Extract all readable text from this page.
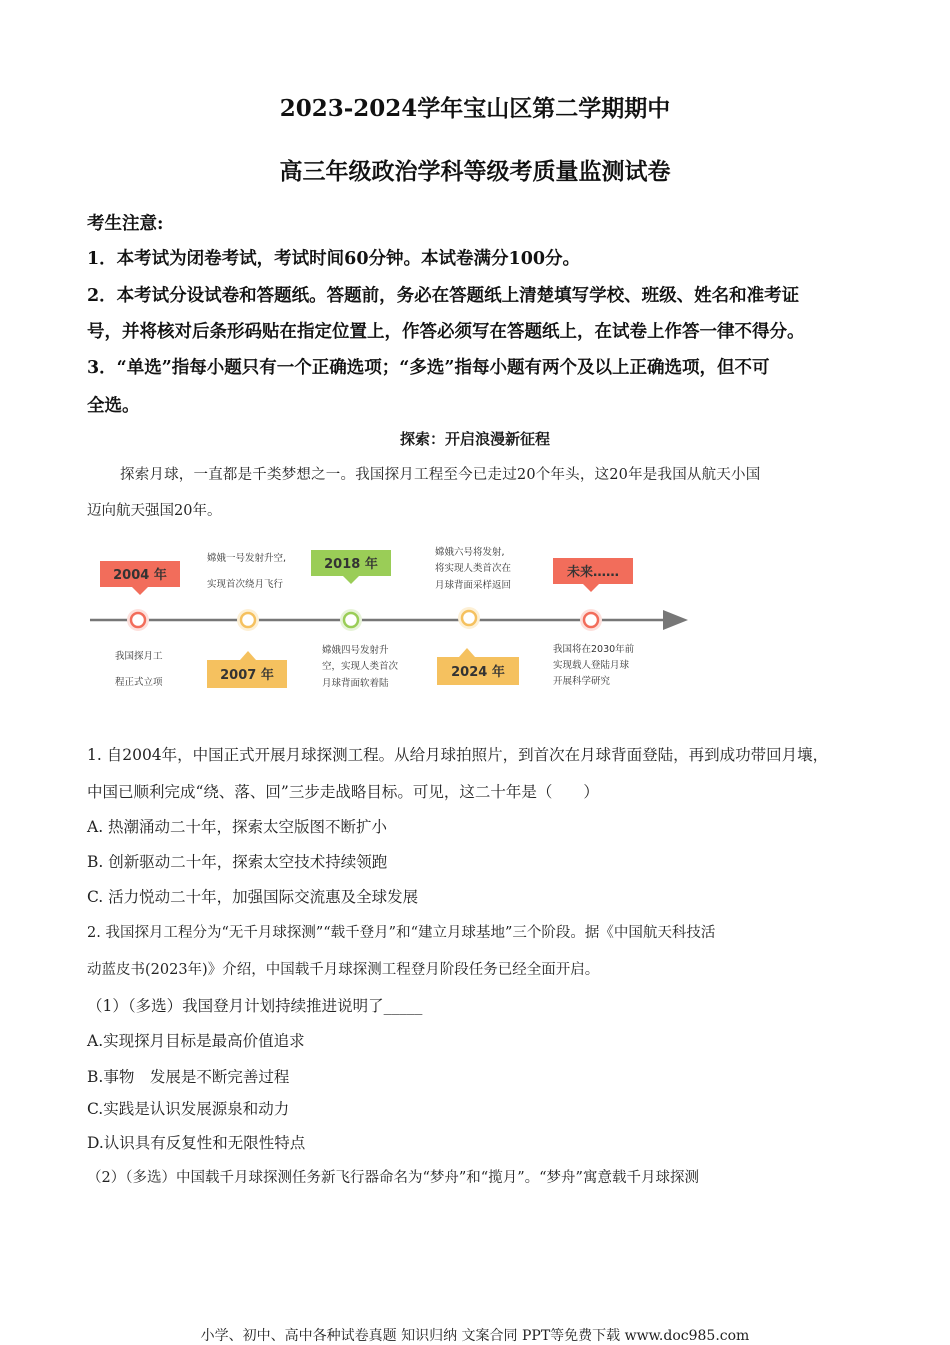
2023-2024学年宝山区第二学期期中
高三年级政治学科等级考质量监测试卷
考生注意:
1．本考试为闭卷考试，考试时间60分钟。本试卷满分100分。
2．本考试分设试卷和答题纸。答题前，务必在答题纸上清楚填写学校、班级、姓名和准考证
号，并将核对后条形码贴在指定位置上，作答必须写在答题纸上，在试卷上作答一律不得分。
3．“单选”指每小题只有一个正确选项；“多选”指每小题有两个及以上正确选项，但不可
全选。
探索：开启浪漫新征程
探索月球，一直都是千类梦想之一。我国探月工程至今已走过20个年头，这20年是我国从航天小国
迈向航天强国20年。
2004 年
我国探月工
程正式立项
嫦娥一号发射升空,
实现首次绕月飞行
2007 年
2018 年
嫦娥四号发射升
空，实现人类首次
月球背面软着陆
嫦娥六号将发射,
将实现人类首次在
月球背面采样返回
2024 年
未来……
我国将在2030年前
实现载人登陆月球
开展科学研究
1. 自2004年，中国正式开展月球探测工程。从给月球拍照片，到首次在月球背面登陆，再到成功带回月壤，
中国已顺利完成“绕、落、回”三步走战略目标。可见，这二十年是（　　）
A. 热潮涌动二十年，探索太空版图不断扩小
B. 创新驱动二十年，探索太空技术持续领跑
C. 活力悦动二十年，加强国际交流惠及全球发展
2. 我国探月工程分为“无千月球探测”“载千登月”和“建立月球基地”三个阶段。据《中国航天科技活
动蓝皮书(2023年)》介绍，中国载千月球探测工程登月阶段任务已经全面开启。
（1）（多选）我国登月计划持续推进说明了_____
A.实现探月目标是最高价值追求
B.事物　发展是不断完善过程
C.实践是认识发展源泉和动力
D.认识具有反复性和无限性特点
（2）（多选）中国载千月球探测任务新飞行器命名为“梦舟”和“揽月”。“梦舟”寓意载千月球探测
小学、初中、高中各种试卷真题 知识归纳 文案合同 PPT等免费下载 www.doc985.com
